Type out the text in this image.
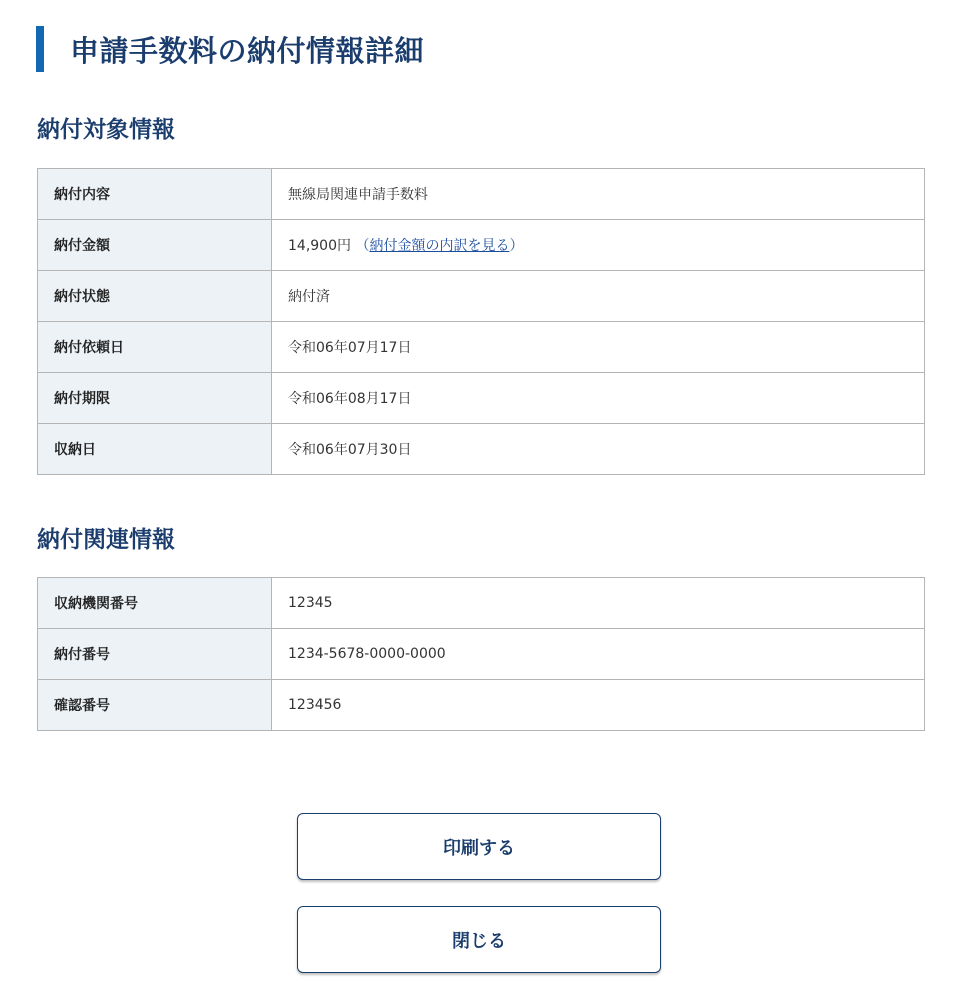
申請手数料の納付情報詳細
納付対象情報
納付内容	無線局関連申請手数料
納付金額	14,900円 （納付金額の内訳を見る）
納付状態	納付済
納付依頼日	令和06年07月17日
納付期限	令和06年08月17日
収納日	令和06年07月30日
納付関連情報
収納機関番号	12345
納付番号	1234-5678-0000-0000
確認番号	123456
印刷する
閉じる
